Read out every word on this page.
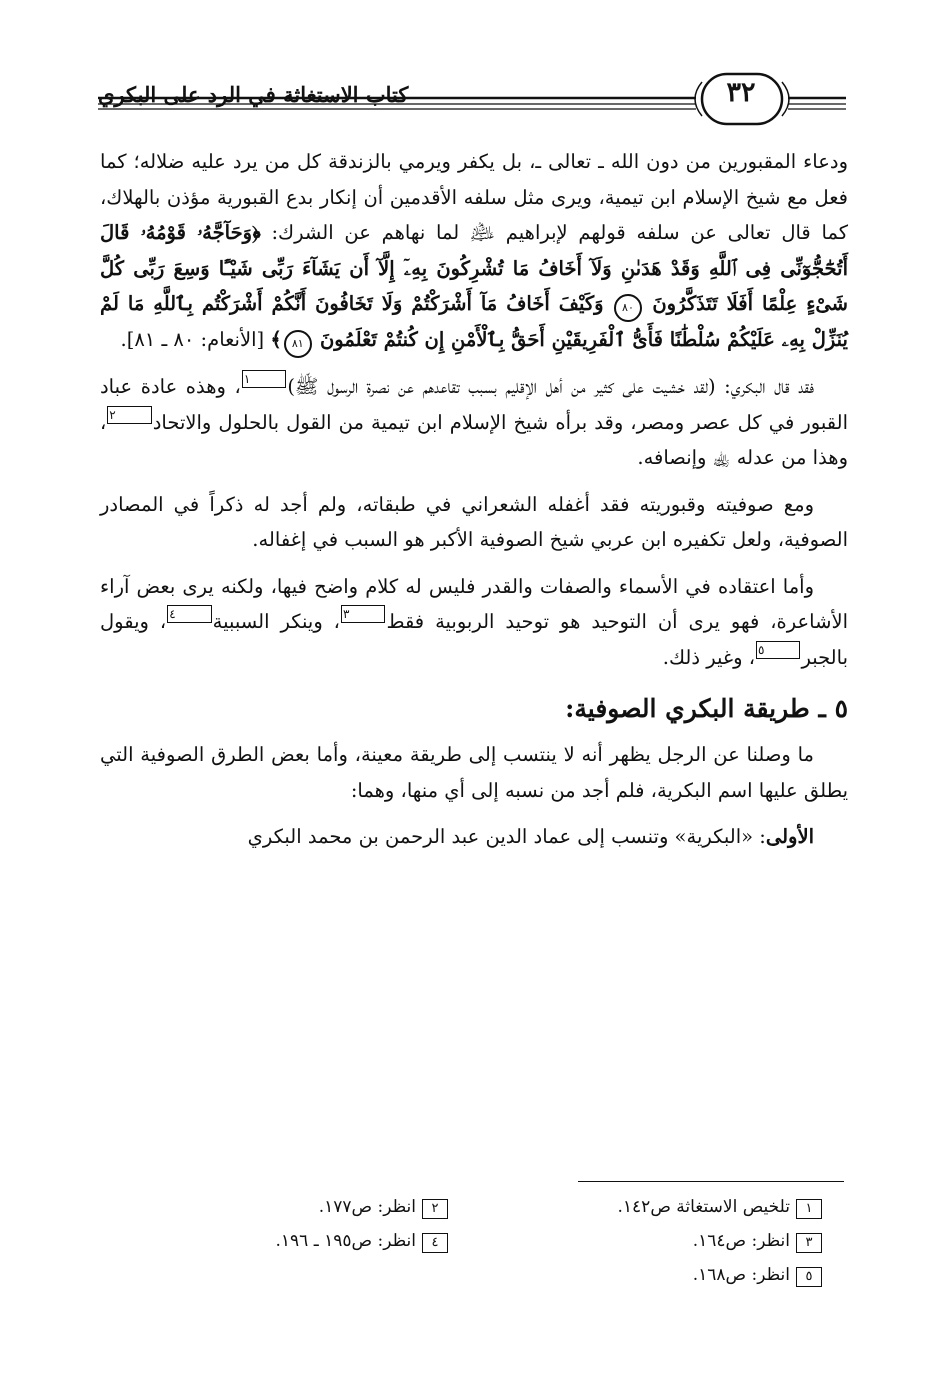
كتاب الاستغاثة في الرد على البكري	٣٢

ودعاء المقبورين من دون الله ـ تعالى ـ، بل يكفر ويرمي بالزندقة كل من يرد عليه ضلاله؛ كما فعل مع شيخ الإسلام ابن تيمية، ويرى مثل سلفه الأقدمين أن إنكار بدع القبورية مؤذن بالهلاك، كما قال تعالى عن سلفه قولهم لإبراهيم ﵇ لما نهاهم عن الشرك: ﴿وَحَآجَّهُۥ قَوْمُهُۥ قَالَ أَتُحَٰٓجُّوٓنِّى فِى ٱللَّهِ وَقَدْ هَدَىٰنِ وَلَآ أَخَافُ مَا تُشْرِكُونَ بِهِۦٓ إِلَّآ أَن يَشَآءَ رَبِّى شَيْـًٔا وَسِعَ رَبِّى كُلَّ شَىْءٍ عِلْمًا أَفَلَا تَتَذَكَّرُونَ ٨٠ وَكَيْفَ أَخَافُ مَآ أَشْرَكْتُمْ وَلَا تَخَافُونَ أَنَّكُمْ أَشْرَكْتُم بِٱللَّهِ مَا لَمْ يُنَزِّلْ بِهِۦ عَلَيْكُمْ سُلْطَٰنًا فَأَىُّ ٱلْفَرِيقَيْنِ أَحَقُّ بِٱلْأَمْنِ إِن كُنتُمْ تَعْلَمُونَ ٨١﴾ [الأنعام: ٨٠ ـ ٨١].

فقد قال البكري: (لقد خشيت على كثير من أهل الإقليم بسبب تقاعدهم عن نصرة الرسول ﷺ)١، وهذه عادة عباد القبور في كل عصر ومصر، وقد برأه شيخ الإسلام ابن تيمية من القول بالحلول والاتحاد٢، وهذا من عدله ﵀ وإنصافه.

ومع صوفيته وقبوريته فقد أغفله الشعراني في طبقاته، ولم أجد له ذكراً في المصادر الصوفية، ولعل تكفيره ابن عربي شيخ الصوفية الأكبر هو السبب في إغفاله.

وأما اعتقاده في الأسماء والصفات والقدر فليس له كلام واضح فيها، ولكنه يرى بعض آراء الأشاعرة، فهو يرى أن التوحيد هو توحيد الربوبية فقط٣، وينكر السببية٤، ويقول بالجبر٥، وغير ذلك.

٥ ـ طريقة البكري الصوفية:

ما وصلنا عن الرجل يظهر أنه لا ينتسب إلى طريقة معينة، وأما بعض الطرق الصوفية التي يطلق عليها اسم البكرية، فلم أجد من نسبه إلى أي منها، وهما:

الأولى: «البكرية» وتنسب إلى عماد الدين عبد الرحمن بن محمد البكري

١تلخيص الاستغاثة ص١٤٢.
٢انظر: ص١٧٧.
٣انظر: ص١٦٤.
٤انظر: ص١٩٥ ـ ١٩٦.
٥انظر: ص١٦٨.
